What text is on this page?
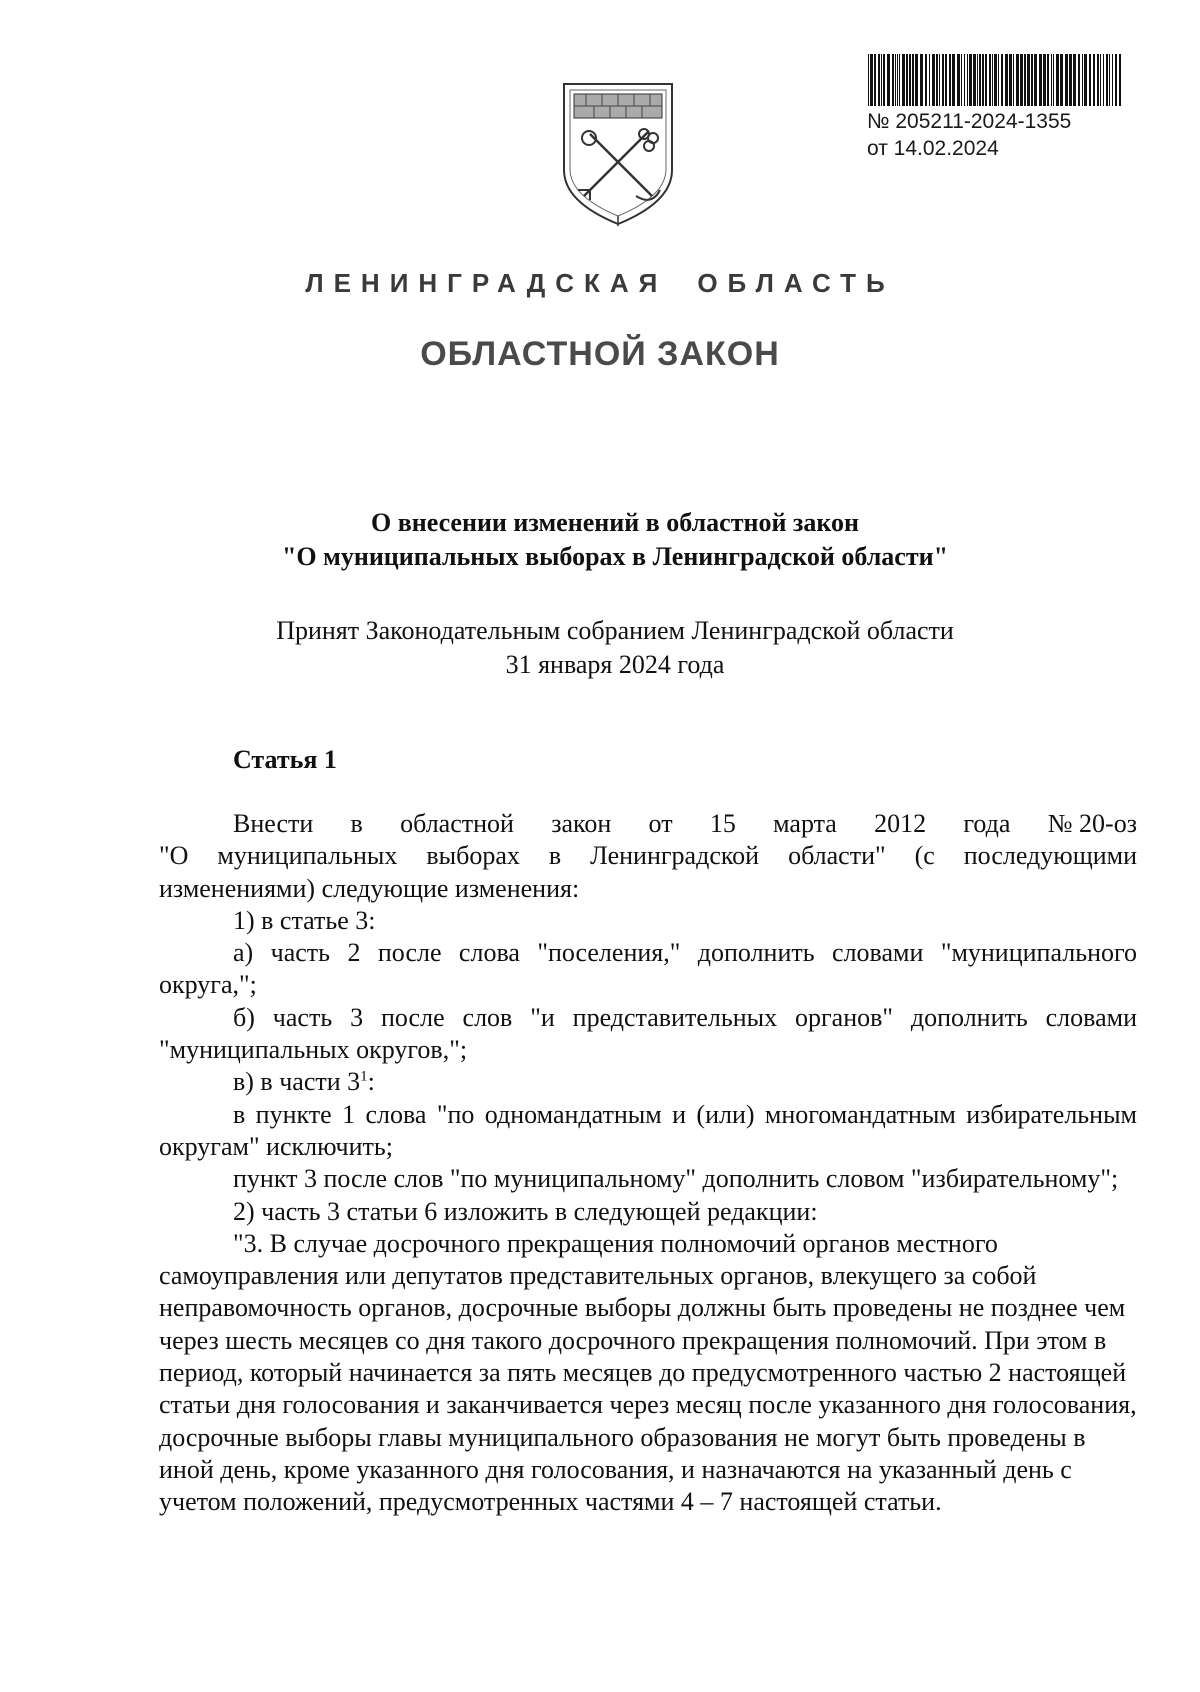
№ 205211-2024-1355
от 14.02.2024
ЛЕНИНГРАДСКАЯ ОБЛАСТЬ
ОБЛАСТНОЙ ЗАКОН
О внесении изменений в областной закон
"О муниципальных выборах в Ленинградской области"
Принят Законодательным собранием Ленинградской области
31 января 2024 года
Статья 1
Внести в областной закон от 15 марта 2012 года № 20-оз

"О муниципальных выборах в Ленинградской области" (с последующими изменениями) следующие изменения:

1) в статье 3:

а) часть 2 после слова "поселения," дополнить словами "муниципального округа,";

б) часть 3 после слов "и представительных органов" дополнить словами "муниципальных округов,";

в) в части $3^1$:

в пункте 1 слова "по одномандатным и (или) многомандатным избирательным округам" исключить;

пункт 3 после слов "по муниципальному" дополнить словом "избирательному";

2) часть 3 статьи 6 изложить в следующей редакции:

"3. В случае досрочного прекращения полномочий органов местного самоуправления или депутатов представительных органов, влекущего за собой неправомочность органов, досрочные выборы должны быть проведены не позднее чем через шесть месяцев со дня такого досрочного прекращения полномочий. При этом в период, который начинается за пять месяцев до предусмотренного частью 2 настоящей статьи дня голосования и заканчивается через месяц после указанного дня голосования, досрочные выборы главы муниципального образования не могут быть проведены в иной день, кроме указанного дня голосования, и назначаются на указанный день с учетом положений, предусмотренных частями 4 – 7 настоящей статьи.
